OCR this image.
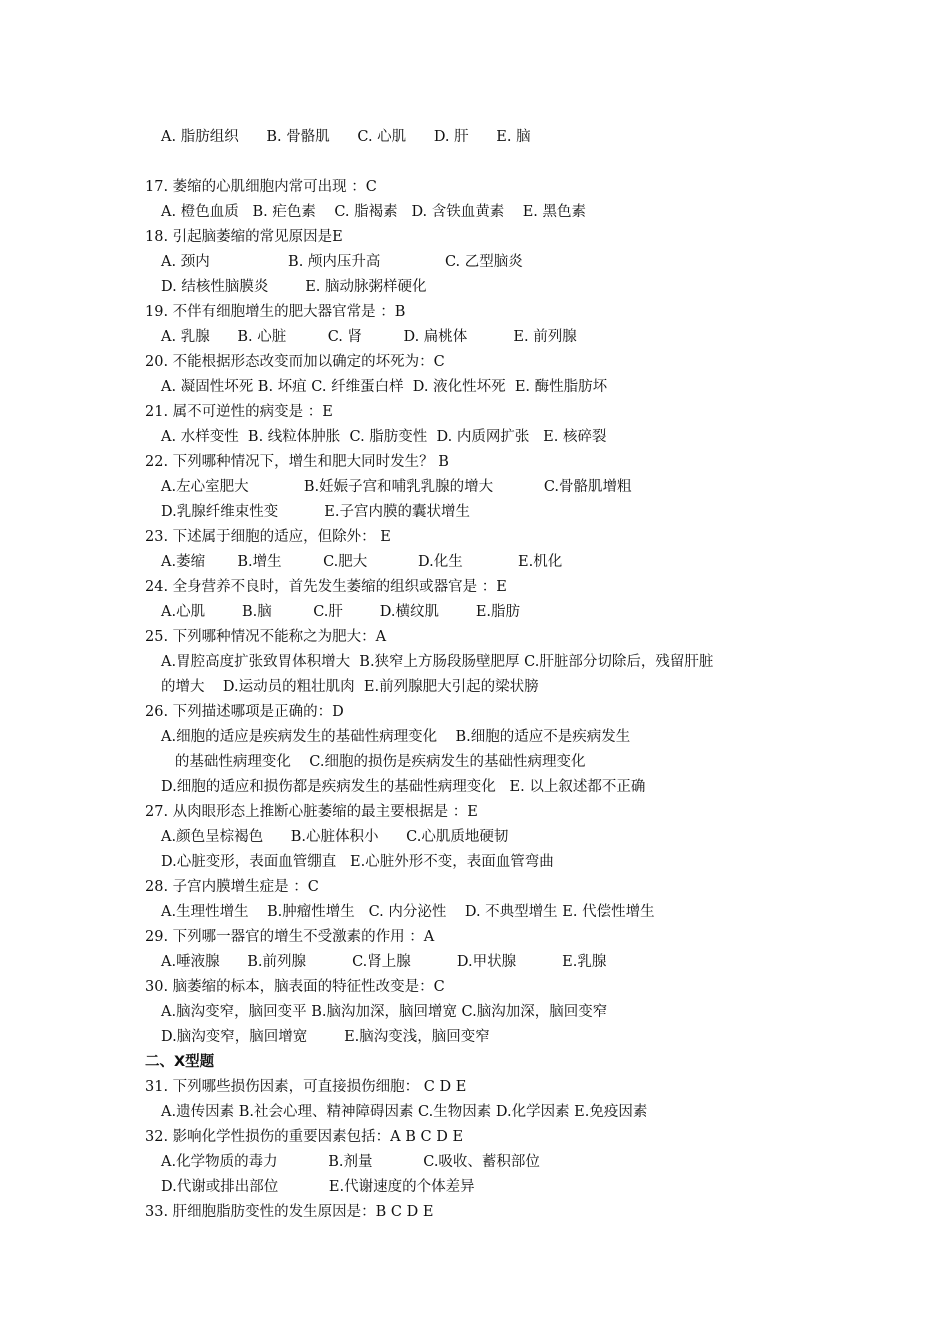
A. 脂肪组织      B. 骨骼肌      C. 心肌      D. 肝      E. 脑
17. 萎缩的心肌细胞内常可出现 ：C
A. 橙色血质   B. 疟色素    C. 脂褐素   D. 含铁血黄素    E. 黑色素
18. 引起脑萎缩的常见原因是E
A. 颈内                 B. 颅内压升高              C. 乙型脑炎
D. 结核性脑膜炎        E. 脑动脉粥样硬化
19. 不伴有细胞增生的肥大器官常是 ：B
A. 乳腺      B. 心脏         C. 肾         D. 扁桃体          E. 前列腺
20. 不能根据形态改变而加以确定的坏死为：C
A. 凝固性坏死 B. 坏疽 C. 纤维蛋白样  D. 液化性坏死  E. 酶性脂肪坏
21. 属不可逆性的病变是 ：E
A. 水样变性  B. 线粒体肿胀  C. 脂肪变性  D. 内质网扩张   E. 核碎裂
22. 下列哪种情况下，增生和肥大同时发生？ B
A.左心室肥大            B.妊娠子宫和哺乳乳腺的增大           C.骨骼肌增粗
D.乳腺纤维束性变          E.子宫内膜的囊状增生
23. 下述属于细胞的适应，但除外： E
A.萎缩       B.增生         C.肥大           D.化生            E.机化
24. 全身营养不良时，首先发生萎缩的组织或器官是 ：E
A.心肌        B.脑         C.肝        D.横纹肌        E.脂肪
25. 下列哪种情况不能称之为肥大：A
A.胃腔高度扩张致胃体积增大  B.狭窄上方肠段肠壁肥厚 C.肝脏部分切除后，残留肝脏
的增大    D.运动员的粗壮肌肉  E.前列腺肥大引起的梁状膀
26. 下列描述哪项是正确的：D
A.细胞的适应是疾病发生的基础性病理变化    B.细胞的适应不是疾病发生
的基础性病理变化    C.细胞的损伤是疾病发生的基础性病理变化
D.细胞的适应和损伤都是疾病发生的基础性病理变化   E. 以上叙述都不正确
27. 从肉眼形态上推断心脏萎缩的最主要根据是 ：E
A.颜色呈棕褐色      B.心脏体积小      C.心肌质地硬韧
D.心脏变形，表面血管绷直   E.心脏外形不变，表面血管弯曲
28. 子宫内膜增生症是 ：C
A.生理性增生    B.肿瘤性增生   C. 内分泌性    D. 不典型增生 E. 代偿性增生
29. 下列哪一器官的增生不受激素的作用 ：A
A.唾液腺      B.前列腺          C.肾上腺          D.甲状腺          E.乳腺
30. 脑萎缩的标本，脑表面的特征性改变是：C
A.脑沟变窄，脑回变平 B.脑沟加深，脑回增宽 C.脑沟加深，脑回变窄
D.脑沟变窄，脑回增宽        E.脑沟变浅，脑回变窄
二、X型题
31. 下列哪些损伤因素，可直接损伤细胞： C D E
A.遗传因素 B.社会心理、精神障碍因素 C.生物因素 D.化学因素 E.免疫因素
32. 影响化学性损伤的重要因素包括：A B C D E
A.化学物质的毒力           B.剂量           C.吸收、蓄积部位
D.代谢或排出部位           E.代谢速度的个体差异
33. 肝细胞脂肪变性的发生原因是：B C D E
